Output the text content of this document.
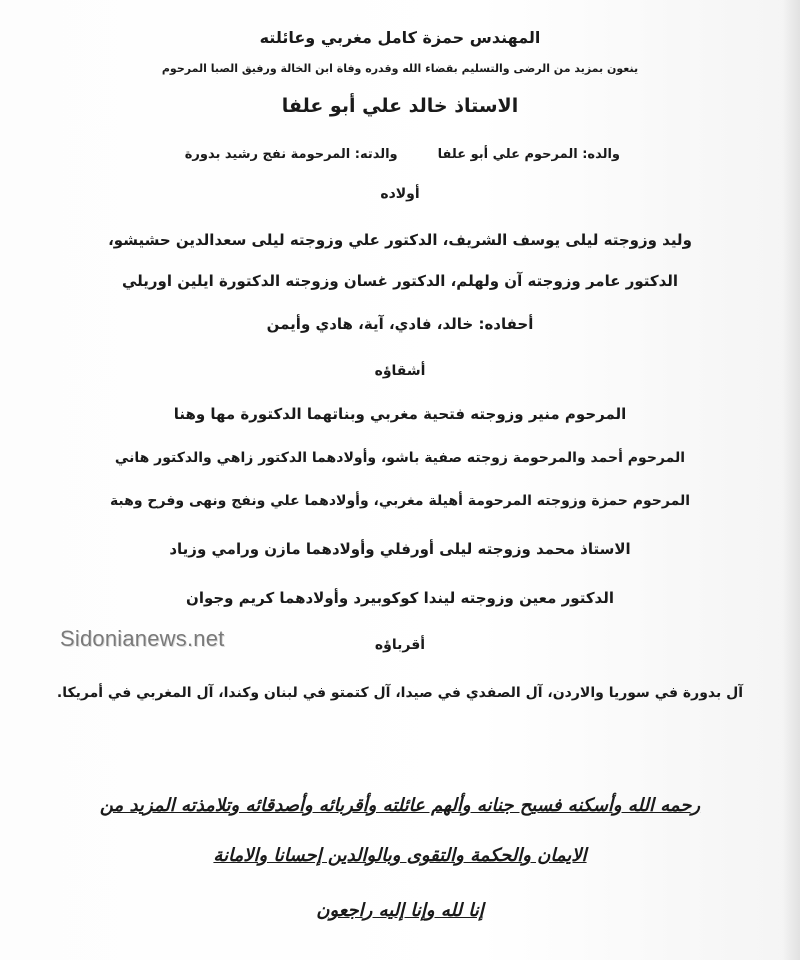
المهندس حمزة كامل مغربي وعائلته
ينعون بمزيد من الرضى والتسليم بقضاء الله وقدره وفاة ابن الخالة ورفيق الصبا المرحوم
الاستاذ خالد علي أبو علفا
والده: المرحوم علي أبو علفاوالدته: المرحومة نفج رشيد بدورة
أولاده
وليد وزوجته ليلى يوسف الشريف، الدكتور علي وزوجته ليلى سعدالدين حشيشو،
الدكتور عامر وزوجته آن ولهلم، الدكتور غسان وزوجته الدكتورة ايلين اوريلي
أحفاده: خالد، فادي، آية، هادي وأيمن
أشقاؤه
المرحوم منير وزوجته فتحية مغربي وبناتهما الدكتورة مها وهنا
المرحوم أحمد والمرحومة زوجته صفية باشو، وأولادهما الدكتور زاهي والدكتور هاني
المرحوم حمزة وزوجته المرحومة أهيلة مغربي، وأولادهما علي ونفج ونهى وفرح وهبة
الاستاذ محمد وزوجته ليلى أورفلي وأولادهما مازن ورامي وزياد
الدكتور معين وزوجته ليندا كوكوبيرد وأولادهما كريم وجوان
Sidonianews.net	أقرباؤه
آل بدورة في سوريا والاردن، آل الصفدي في صيدا، آل كتمتو في لبنان وكندا، آل المغربي في أمريكا.
رحمه الله وأسكنه فسيح جنانه وألهم عائلته وأقربائه وأصدقائه وتلامذته المزيد من
الايمان والحكمة والتقوى وبالوالدين إحسانا والامانة
إنا لله وإنا إليه راجعون
